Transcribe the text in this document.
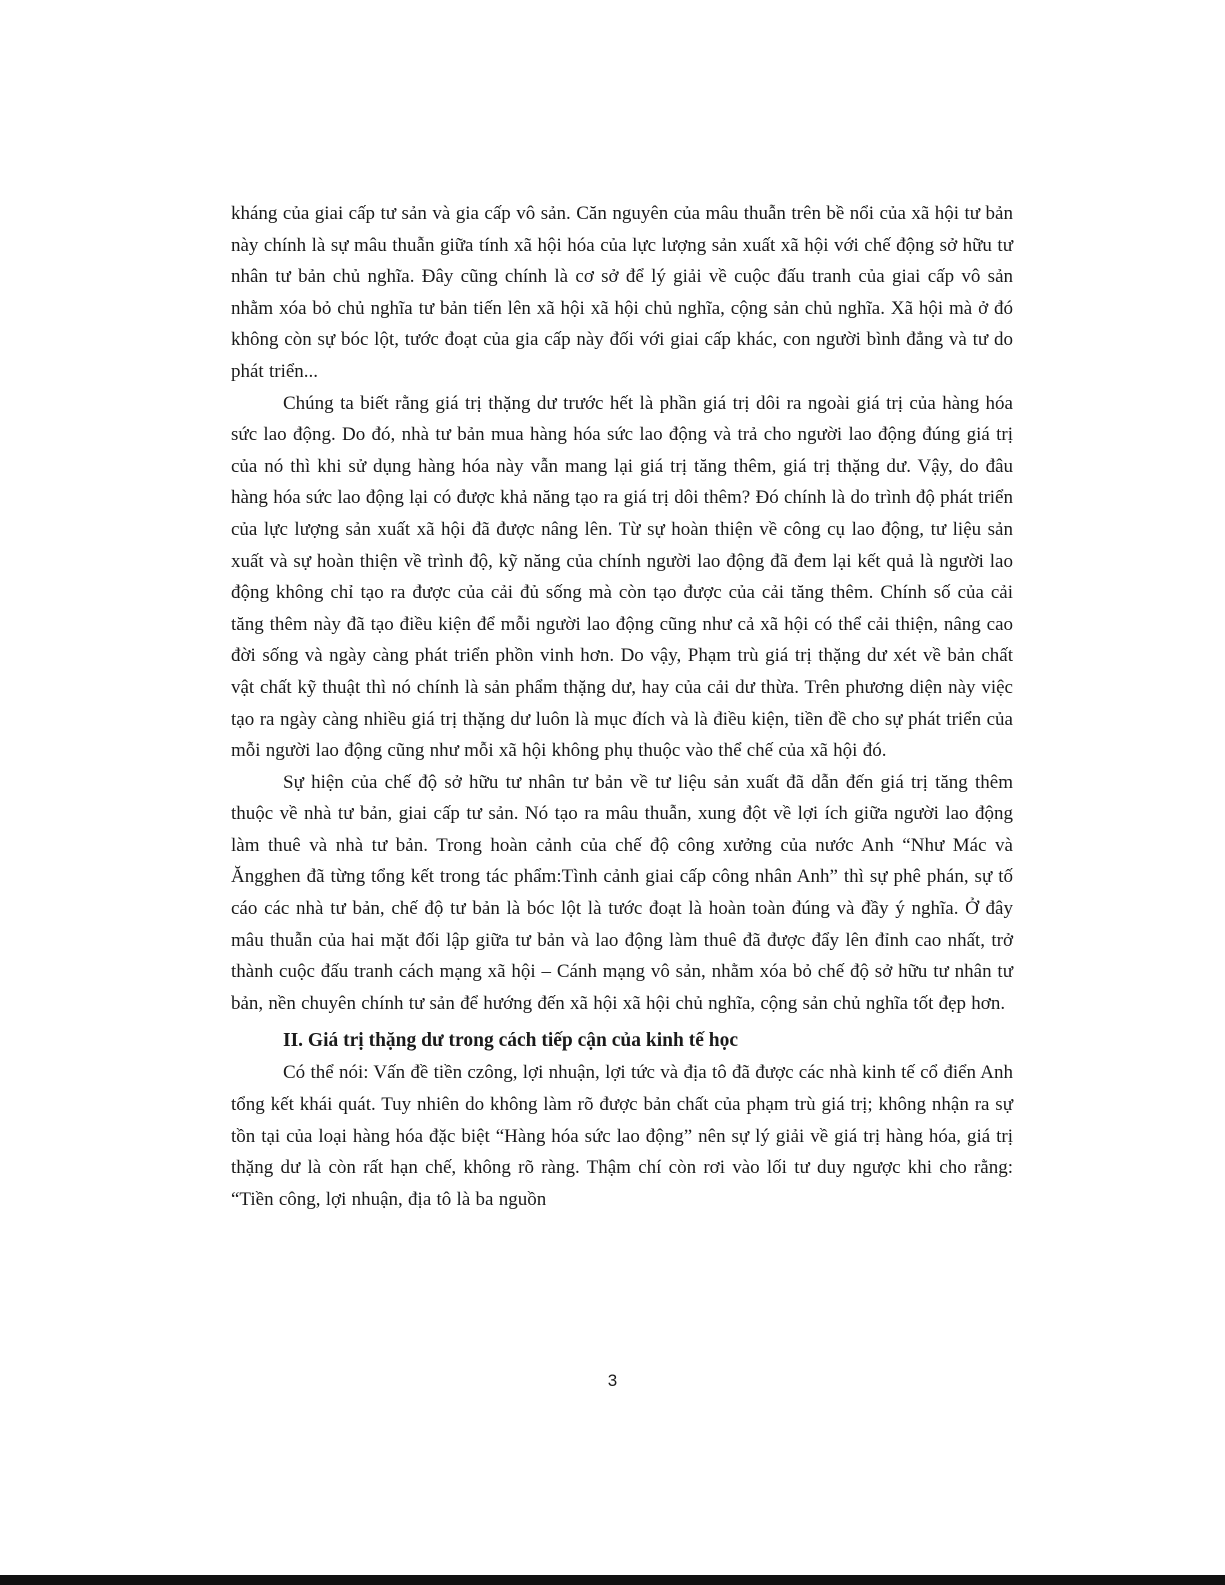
kháng của giai cấp tư sản và gia cấp vô sản. Căn nguyên của mâu thuẫn trên bề nổi của xã hội tư bản này chính là sự mâu thuẫn giữa tính xã hội hóa của lực lượng sản xuất xã hội với chế động sở hữu tư nhân tư bản chủ nghĩa. Đây cũng chính là cơ sở để lý giải về cuộc đấu tranh của giai cấp vô sản nhằm xóa bỏ chủ nghĩa tư bản tiến lên xã hội xã hội chủ nghĩa, cộng sản chủ nghĩa. Xã hội mà ở đó không còn sự bóc lột, tước đoạt của gia cấp này đối với giai cấp khác, con người bình đẳng và tư do phát triển...

Chúng ta biết rằng giá trị thặng dư trước hết là phần giá trị dôi ra ngoài giá trị của hàng hóa sức lao động. Do đó, nhà tư bản mua hàng hóa sức lao động và trả cho người lao động đúng giá trị của nó thì khi sử dụng hàng hóa này vẫn mang lại giá trị tăng thêm, giá trị thặng dư. Vậy, do đâu hàng hóa sức lao động lại có được khả năng tạo ra giá trị dôi thêm? Đó chính là do trình độ phát triển của lực lượng sản xuất xã hội đã được nâng lên. Từ sự hoàn thiện về công cụ lao động, tư liệu sản xuất và sự hoàn thiện về trình độ, kỹ năng của chính người lao động đã đem lại kết quả là người lao động không chỉ tạo ra được của cải đủ sống mà còn tạo được của cải tăng thêm. Chính số của cải tăng thêm này đã tạo điều kiện để mỗi người lao động cũng như cả xã hội có thể cải thiện, nâng cao đời sống và ngày càng phát triển phồn vinh hơn. Do vậy, Phạm trù giá trị thặng dư xét về bản chất vật chất kỹ thuật thì nó chính là sản phẩm thặng dư, hay của cải dư thừa. Trên phương diện này việc tạo ra ngày càng nhiều giá trị thặng dư luôn là mục đích và là điều kiện, tiền đề cho sự phát triển của mỗi người lao động cũng như mỗi xã hội không phụ thuộc vào thể chế của xã hội đó.

Sự hiện của chế độ sở hữu tư nhân tư bản về tư liệu sản xuất đã dẫn đến giá trị tăng thêm thuộc về nhà tư bản, giai cấp tư sản. Nó tạo ra mâu thuẫn, xung đột về lợi ích giữa người lao động làm thuê và nhà tư bản. Trong hoàn cảnh của chế độ công xưởng của nước Anh “Như Mác và Ăngghen đã từng tổng kết trong tác phẩm:Tình cảnh giai cấp công nhân Anh” thì sự phê phán, sự tố cáo các nhà tư bản, chế độ tư bản là bóc lột là tước đoạt là hoàn toàn đúng và đầy ý nghĩa. Ở đây mâu thuẫn của hai mặt đối lập giữa tư bản và lao động làm thuê đã được đẩy lên đỉnh cao nhất, trở thành cuộc đấu tranh cách mạng xã hội – Cánh mạng vô sản, nhằm xóa bỏ chế độ sở hữu tư nhân tư bản, nền chuyên chính tư sản để hướng đến xã hội xã hội chủ nghĩa, cộng sản chủ nghĩa tốt đẹp hơn.

II. Giá trị thặng dư trong cách tiếp cận của kinh tế học

Có thể nói: Vấn đề tiền czông, lợi nhuận, lợi tức và địa tô đã được các nhà kinh tế cổ điển Anh tổng kết khái quát. Tuy nhiên do không làm rõ được bản chất của phạm trù giá trị; không nhận ra sự tồn tại của loại hàng hóa đặc biệt “Hàng hóa sức lao động” nên sự lý giải về giá trị hàng hóa, giá trị thặng dư là còn rất hạn chế, không rõ ràng. Thậm chí còn rơi vào lối tư duy ngược khi cho rằng: “Tiền công, lợi nhuận, địa tô là ba nguồn

3
